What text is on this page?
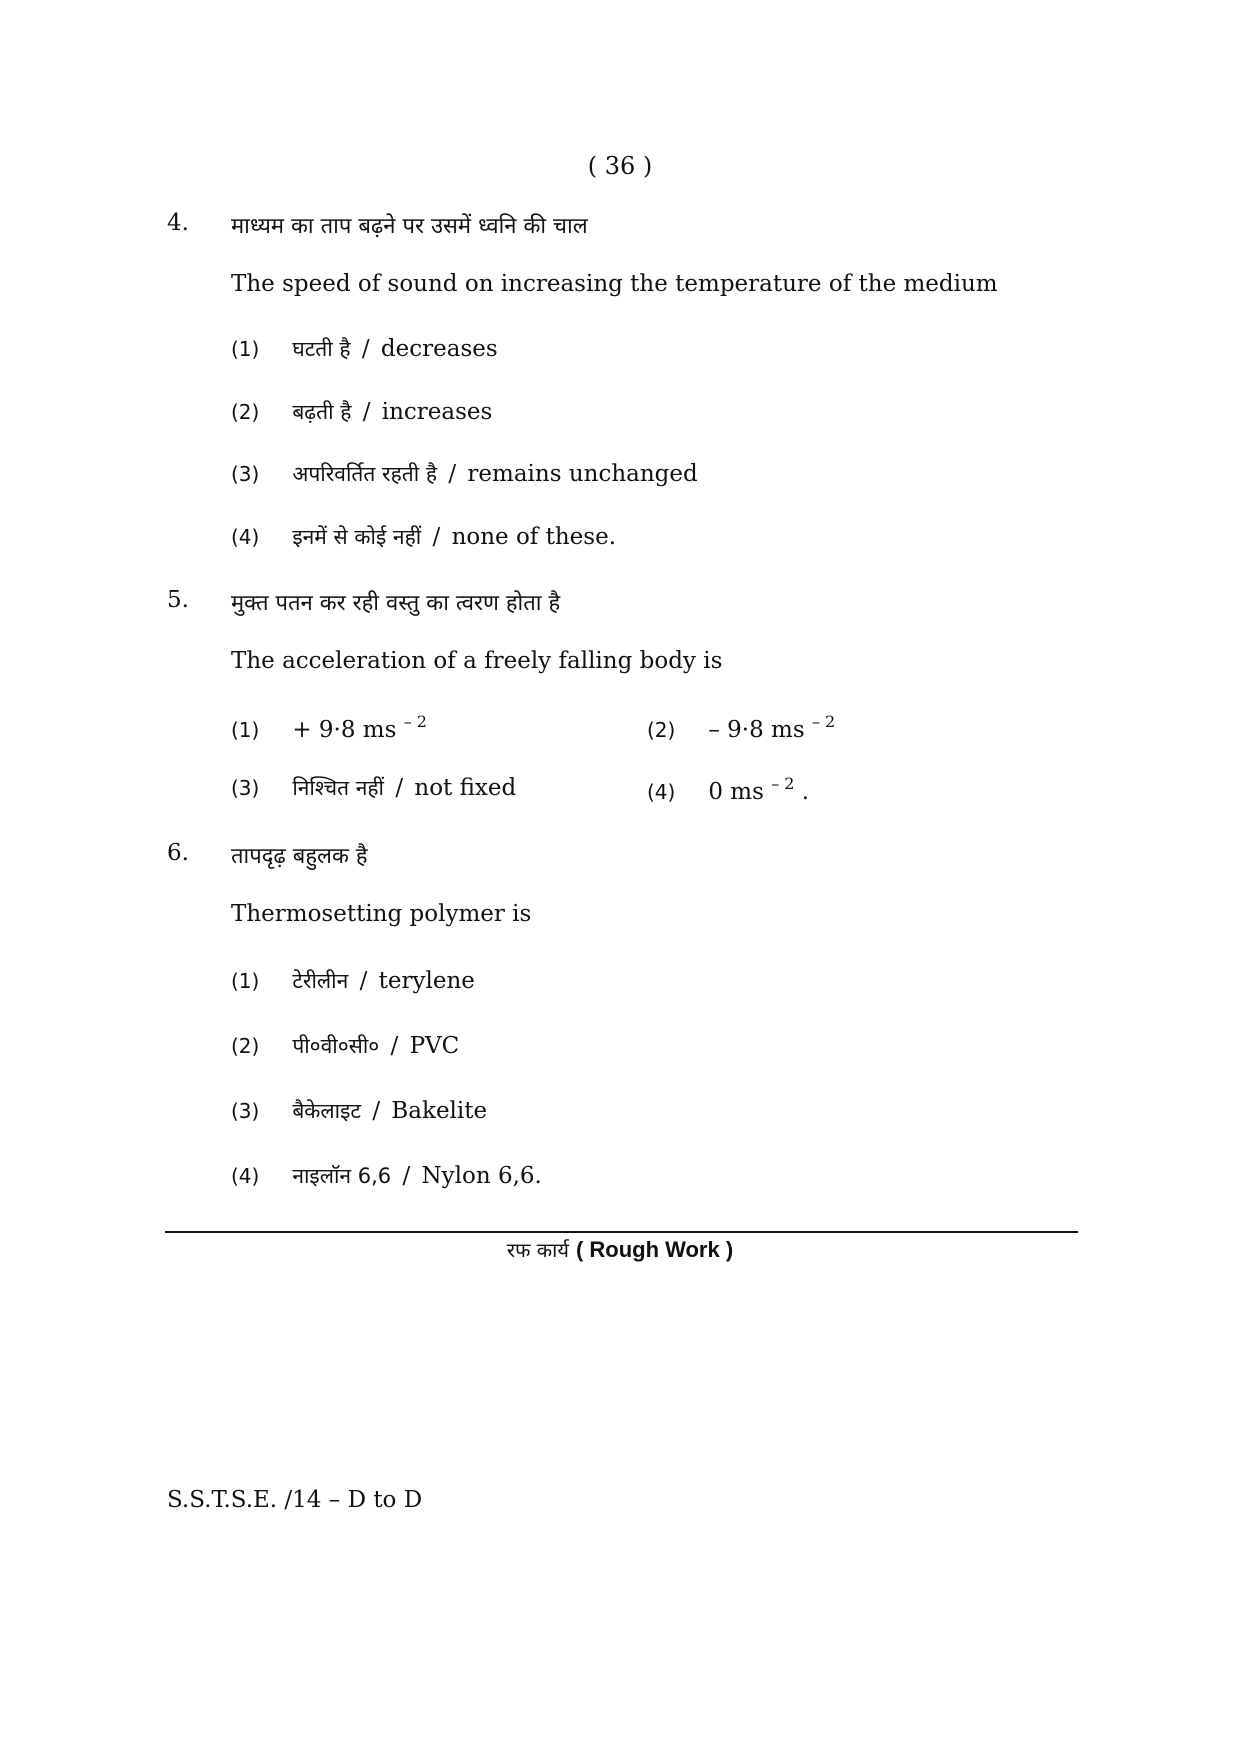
( 36 )
4. माध्यम का ताप बढ़ने पर उसमें ध्वनि की चाल
The speed of sound on increasing the temperature of the medium
(1) घटती है / decreases
(2) बढ़ती है / increases
(3) अपरिवर्तित रहती है / remains unchanged
(4) इनमें से कोई नहीं / none of these.
5. मुक्त पतन कर रही वस्तु का त्वरण होता है
The acceleration of a freely falling body is
(1) + 9·8 ms $^{- 2}$	(2) – 9·8 ms $^{- 2}$
(3) निश्चित नहीं / not fixed	(4) 0 ms $^{- 2}$ .
6. तापदृढ़ बहुलक है
Thermosetting polymer is
(1) टेरीलीन / terylene
(2) पी०वी०सी० / PVC
(3) बैकेलाइट / Bakelite
(4) नाइलॉन 6,6 / Nylon 6,6.
रफ कार्य ( Rough Work )
S.S.T.S.E. /14 – D to D
